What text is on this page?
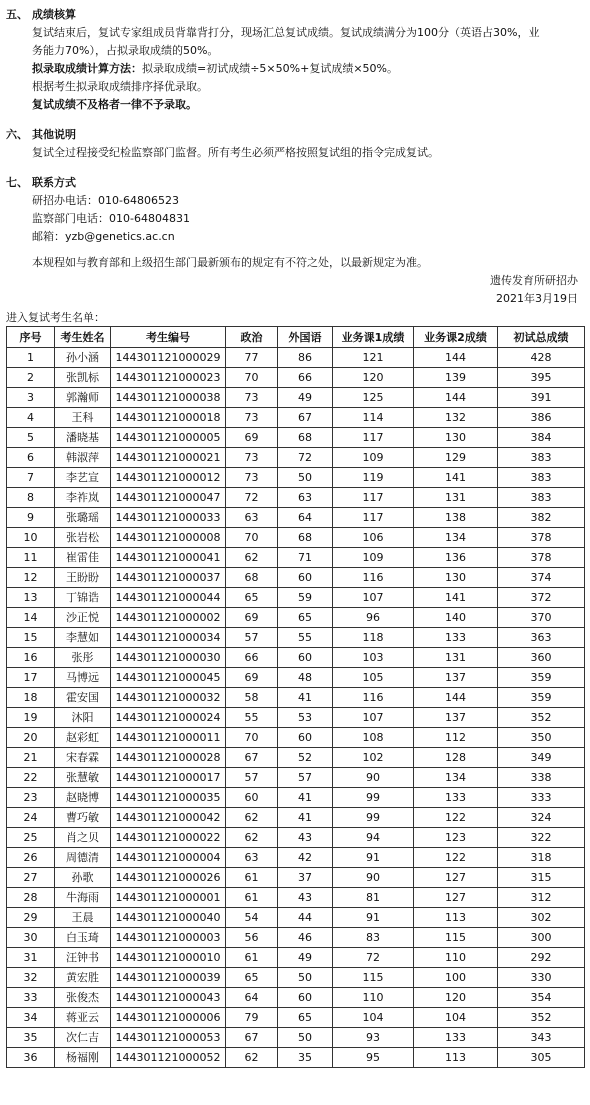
五、 成绩核算

复试结束后，复试专家组成员背靠背打分，现场汇总复试成绩。复试成绩满分为100分（英语占30%，业
务能力70%），占拟录取成绩的50%。

拟录取成绩计算方法：拟录取成绩=初试成绩÷5×50%+复试成绩×50%。

根据考生拟录取成绩排序择优录取。

复试成绩不及格者一律不予录取。

六、 其他说明

复试全过程接受纪检监察部门监督。所有考生必须严格按照复试组的指令完成复试。

七、 联系方式

研招办电话：010-64806523

监察部门电话：010-64804831

邮箱：yzb@genetics.ac.cn

本规程如与教育部和上级招生部门最新颁布的规定有不符之处，以最新规定为准。

遗传发育所研招办
2021年3月19日
进入复试考生名单：
序号	考生姓名	考生编号	政治	外国语	业务课1成绩	业务课2成绩	初试总成绩
1	孙小涵	144301121000029	77	86	121	144	428
2	张凯标	144301121000023	70	66	120	139	395
3	郭瀚师	144301121000038	73	49	125	144	391
4	王科	144301121000018	73	67	114	132	386
5	潘晓基	144301121000005	69	68	117	130	384
6	韩淑萍	144301121000021	73	72	109	129	383
7	李艺宣	144301121000012	73	50	119	141	383
8	李祚岚	144301121000047	72	63	117	131	383
9	张璐瑶	144301121000033	63	64	117	138	382
10	张岩松	144301121000008	70	68	106	134	378
11	崔雷佳	144301121000041	62	71	109	136	378
12	王盼盼	144301121000037	68	60	116	130	374
13	丁锦诰	144301121000044	65	59	107	141	372
14	沙正悦	144301121000002	69	65	96	140	370
15	李慧如	144301121000034	57	55	118	133	363
16	张彤	144301121000030	66	60	103	131	360
17	马博远	144301121000045	69	48	105	137	359
18	霍安国	144301121000032	58	41	116	144	359
19	沐阳	144301121000024	55	53	107	137	352
20	赵彩虹	144301121000011	70	60	108	112	350
21	宋春霖	144301121000028	67	52	102	128	349
22	张慧敏	144301121000017	57	57	90	134	338
23	赵晓博	144301121000035	60	41	99	133	333
24	曹巧敏	144301121000042	62	41	99	122	324
25	肖之贝	144301121000022	62	43	94	123	322
26	周德清	144301121000004	63	42	91	122	318
27	孙歌	144301121000026	61	37	90	127	315
28	牛海雨	144301121000001	61	43	81	127	312
29	王晨	144301121000040	54	44	91	113	302
30	白玉琦	144301121000003	56	46	83	115	300
31	汪钟书	144301121000010	61	49	72	110	292
32	黄宏胜	144301121000039	65	50	115	100	330
33	张俊杰	144301121000043	64	60	110	120	354
34	蒋亚云	144301121000006	79	65	104	104	352
35	次仁吉	144301121000053	67	50	93	133	343
36	杨福刚	144301121000052	62	35	95	113	305
